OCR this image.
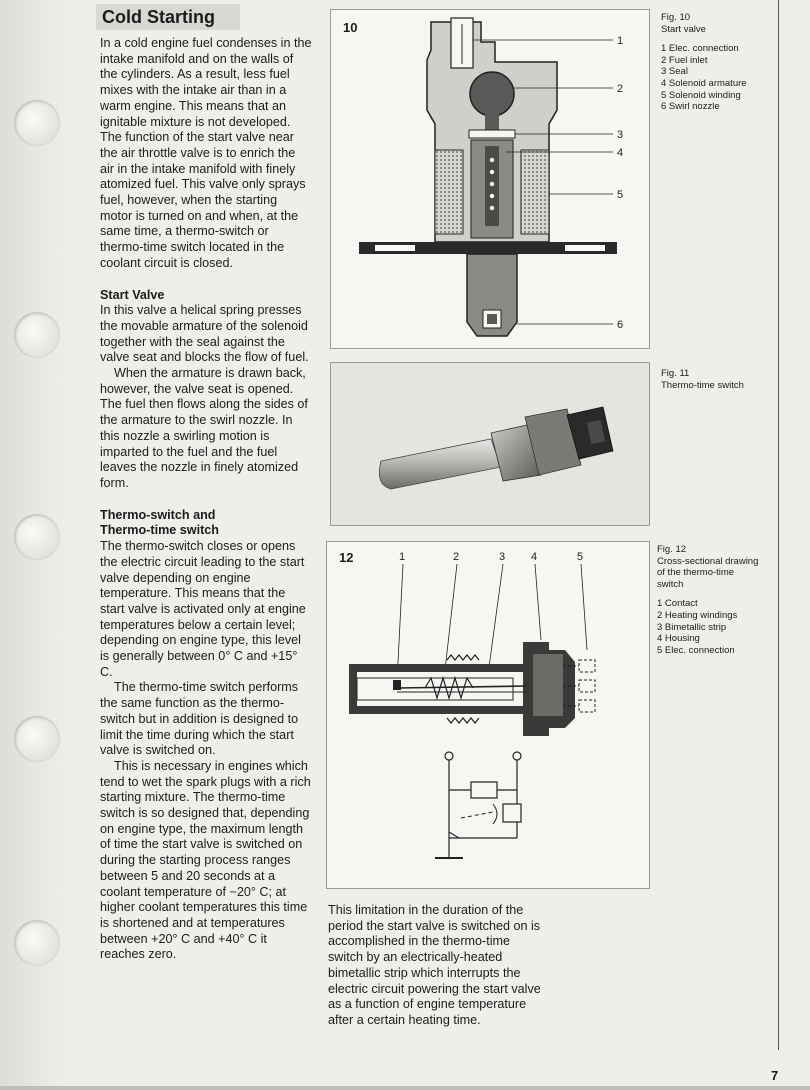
Cold Starting

In a cold engine fuel condenses in the intake manifold and on the walls of the cylinders. As a result, less fuel mixes with the intake air than in a warm engine. This means that an ignitable mixture is not developed. The function of the start valve near the air throttle valve is to enrich the air in the intake manifold with finely atomized fuel. This valve only sprays fuel, however, when the starting motor is turned on and when, at the same time, a thermo-switch or thermo-time switch located in the coolant circuit is closed.

Start Valve

In this valve a helical spring presses the movable armature of the solenoid together with the seal against the valve seat and blocks the flow of fuel.

When the armature is drawn back, however, the valve seat is opened. The fuel then flows along the sides of the armature to the swirl nozzle. In this nozzle a swirling motion is imparted to the fuel and the fuel leaves the nozzle in finely atomized form.

Thermo-switch and
Thermo-time switch

The thermo-switch closes or opens the electric circuit leading to the start valve depending on engine temperature. This means that the start valve is activated only at engine temperatures below a certain level; depending on engine type, this level is generally between 0° C and +15° C.

The thermo-time switch performs the same function as the thermo-switch but in addition is designed to limit the time during which the start valve is switched on.

This is necessary in engines which tend to wet the spark plugs with a rich starting mixture. The thermo-time switch is so designed that, depending on engine type, the maximum length of time the start valve is switched on during the starting process ranges between 5 and 20 seconds at a coolant temperature of −20° C; at higher coolant temperatures this time is shortened and at temperatures between +20° C and +40° C it reaches zero.

10
1
2
3
4
5
6
Fig. 10
Start valve
1 Elec. connection
2 Fuel inlet
3 Seal
4 Solenoid armature
5 Solenoid winding
6 Swirl nozzle
Fig. 11
Thermo-time switch
12	1	2	3 4	5
Fig. 12
Cross-sectional drawing
of the thermo-time
switch
1 Contact
2 Heating windings
3 Bimetallic strip
4 Housing
5 Elec. connection

This limitation in the duration of the period the start valve is switched on is accomplished in the thermo-time switch by an electrically-heated bimetallic strip which interrupts the electric circuit powering the start valve as a function of engine temperature after a certain heating time.

7
